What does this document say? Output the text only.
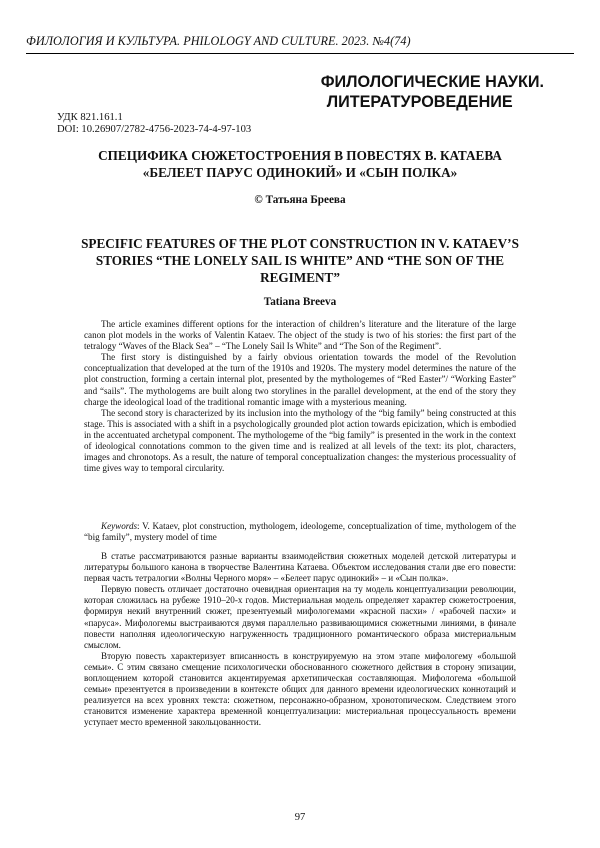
ФИЛОЛОГИЯ И КУЛЬТУРА. PHILOLOGY AND CULTURE. 2023. №4(74)
ФИЛОЛОГИЧЕСКИЕ НАУКИ.
ЛИТЕРАТУРОВЕДЕНИЕ
УДК 821.161.1
DOI: 10.26907/2782-4756-2023-74-4-97-103
СПЕЦИФИКА СЮЖЕТОСТРОЕНИЯ В ПОВЕСТЯХ В. КАТАЕВА
«БЕЛЕЕТ ПАРУС ОДИНОКИЙ» И «СЫН ПОЛКА»
© Татьяна Бреева
SPECIFIC FEATURES OF THE PLOT CONSTRUCTION IN V. KATAEV’S
STORIES “THE LONELY SAIL IS WHITE” AND “THE SON OF THE
REGIMENT”
Tatiana Breeva

The article examines different options for the interaction of children’s literature and the literature of the large canon plot models in the works of Valentin Kataev. The object of the study is two of his stories: the first part of the tetralogy “Waves of the Black Sea” – “The Lonely Sail Is White” and “The Son of the Regiment”.

The first story is distinguished by a fairly obvious orientation towards the model of the Revolution conceptualization that developed at the turn of the 1910s and 1920s. The mystery model determines the nature of the plot construction, forming a certain internal plot, presented by the mythologemes of “Red Easter”/ “Working Easter” and “sails”. The mythologems are built along two storylines in the parallel development, at the end of the story they charge the ideological load of the traditional romantic image with a mysterious meaning.

The second story is characterized by its inclusion into the mythology of the “big family” being constructed at this stage. This is associated with a shift in a psychologically grounded plot action towards epicization, which is embodied in the accentuated archetypal component. The mythologeme of the “big family” is presented in the work in the context of ideological connotations common to the given time and is realized at all levels of the text: its plot, characters, images and chronotops. As a result, the nature of temporal conceptualization changes: the mysterious processuality of time gives way to temporal circularity.

Keywords: V. Kataev, plot construction, mythologem, ideologeme, conceptualization of time, mythologem of the “big family”, mystery model of time

В статье рассматриваются разные варианты взаимодействия сюжетных моделей детской литературы и литературы большого канона в творчестве Валентина Катаева. Объектом исследования стали две его повести: первая часть тетралогии «Волны Черного моря» – «Белеет парус одинокий» – и «Сын полка».

Первую повесть отличает достаточно очевидная ориентация на ту модель концептуализации революции, которая сложилась на рубеже 1910–20-х годов. Мистериальная модель определяет характер сюжетостроения, формируя некий внутренний сюжет, презентуемый мифологемами «красной пасхи» / «рабочей пасхи» и «паруса». Мифологемы выстраиваются двумя параллельно развивающимися сюжетными линиями, в финале повести наполняя идеологическую нагруженность традиционного романтического образа мистериальным смыслом.

Вторую повесть характеризует вписанность в конструируемую на этом этапе мифологему «большой семьи». С этим связано смещение психологически обоснованного сюжетного действия в сторону эпизации, воплощением которой становится акцентируемая архетипическая составляющая. Мифологема «большой семьи» презентуется в произведении в контексте общих для данного времени идеологических коннотаций и реализуется на всех уровнях текста: сюжетном, персонажно-образном, хронотопическом. Следствием этого становится изменение характера временной концептуализации: мистериальная процессуальность времени уступает место временной закольцованности.

97
